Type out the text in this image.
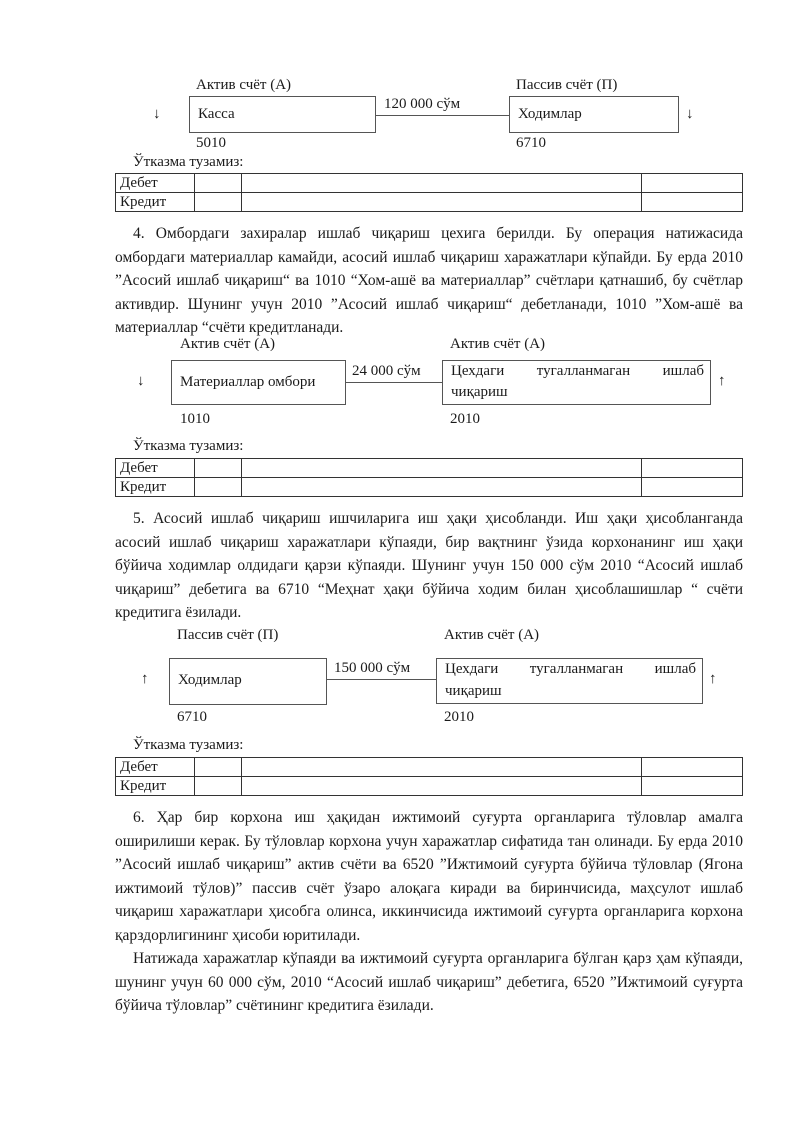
Актив счёт (А)	Пассив счёт (П)
↓	Касса
120 000 сўм
Ходимлар	↓
5010	6710
Ўтказма тузамиз:
Дебет			
Кредит			

4. Омбордаги захиралар ишлаб чиқариш цехига берилди. Бу операция натижасида омбордаги материаллар камайди, асосий ишлаб чиқариш харажатлари кўпайди. Бу ерда 2010 ”Асосий ишлаб чиқариш“ ва 1010 “Хом-ашё ва материаллар” счётлари қатнашиб, бу счётлар активдир. Шунинг учун 2010 ”Асосий ишлаб чиқариш“ дебетланади, 1010 ”Хом-ашё ва материаллар “счёти кредитланади.

Актив счёт (А)	Актив счёт (А)
↓ Материаллар омбори
24 000 сўм Цехдаги тугалланмаган ишлаб
чиқариш
↑
1010	2010
Ўтказма тузамиз:
Дебет			
Кредит			

5. Асосий ишлаб чиқариш ишчиларига иш ҳақи ҳисобланди. Иш ҳақи ҳисобланганда асосий ишлаб чиқариш харажатлари кўпаяди, бир вақтнинг ўзида корхонанинг иш ҳақи бўйича ходимлар олдидаги қарзи кўпаяди. Шунинг учун 150 000 сўм 2010 “Асосий ишлаб чиқариш” дебетига ва 6710 “Меҳнат ҳақи бўйича ходим билан ҳисоблашишлар “ счёти кредитига ёзилади.

Пассив счёт (П)	Актив счёт (А)
↑ Ходимлар
150 000 сўм Цехдаги тугалланмаган ишлаб
чиқариш
↑
6710	2010
Ўтказма тузамиз:
Дебет			
Кредит			

6. Ҳар бир корхона иш ҳақидан ижтимоий суғурта органларига тўловлар амалга оширилиши керак. Бу тўловлар корхона учун харажатлар сифатида тан олинади. Бу ерда 2010 ”Асосий ишлаб чиқариш” актив счёти ва 6520 ”Ижтимоий суғурта бўйича тўловлар (Ягона ижтимоий тўлов)” пассив счёт ўзаро алоқага киради ва биринчисида, маҳсулот ишлаб чиқариш харажатлари ҳисобга олинса, иккинчисида ижтимоий суғурта органларига корхона қарздорлигининг ҳисоби юритилади.

Натижада харажатлар кўпаяди ва ижтимоий суғурта органларига бўлган қарз ҳам кўпаяди, шунинг учун 60 000 сўм, 2010 “Асосий ишлаб чиқариш” дебетига, 6520 ”Ижтимоий суғурта бўйича тўловлар” счётининг кредитига ёзилади.
